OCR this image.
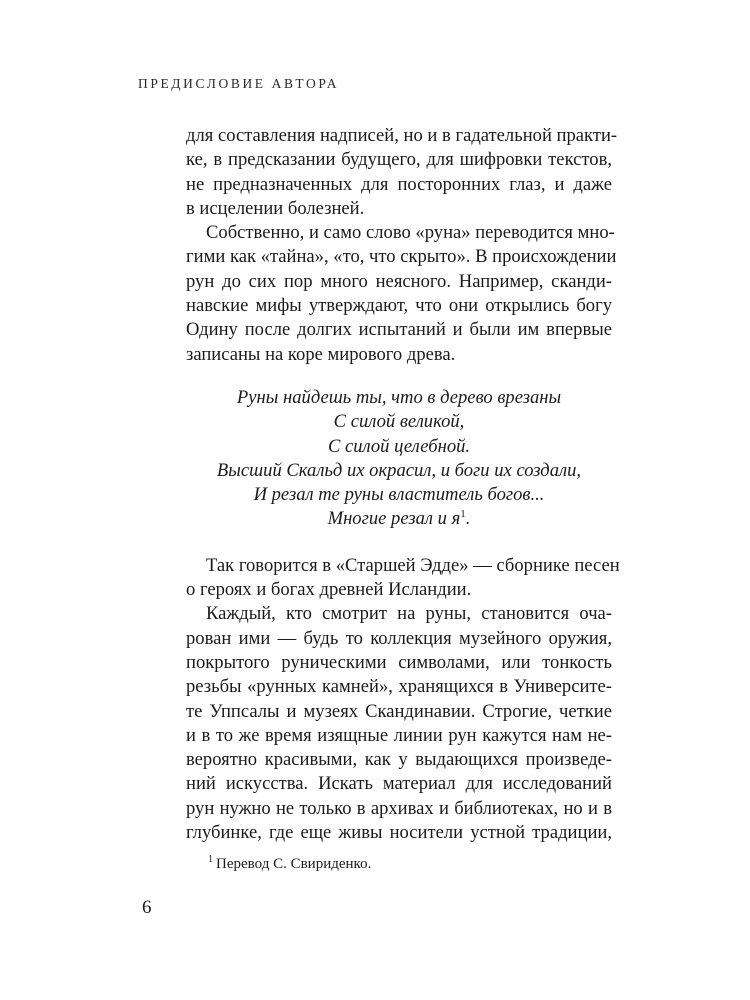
ПРЕДИСЛОВИЕ АВТОРА
для составления надписей, но и в гадательной практи-
ке, в предсказании будущего, для шифровки текстов,
не предназначенных для посторонних глаз, и даже
в исцелении болезней.
Собственно, и само слово «руна» переводится мно-
гими как «тайна», «то, что скрыто». В происхождении
рун до сих пор много неясного. Например, сканди-
навские мифы утверждают, что они открылись богу
Одину после долгих испытаний и были им впервые
записаны на коре мирового древа.
Руны найдешь ты, что в дерево врезаны
С силой великой,
С силой целебной.
Высший Скальд их окрасил, и боги их создали,
И резал те руны властитель богов...
Многие резал и я$^1$.
Так говорится в «Старшей Эдде» — сборнике песен
о героях и богах древней Исландии.
Каждый, кто смотрит на руны, становится оча-
рован ими — будь то коллекция музейного оружия,
покрытого руническими символами, или тонкость
резьбы «рунных камней», хранящихся в Университе-
те Уппсалы и музеях Скандинавии. Строгие, четкие
и в то же время изящные линии рун кажутся нам не-
вероятно красивыми, как у выдающихся произведе-
ний искусства. Искать материал для исследований
рун нужно не только в архивах и библиотеках, но и в
глубинке, где еще живы носители устной традиции,
$^1$ Перевод С. Свириденко.
6
